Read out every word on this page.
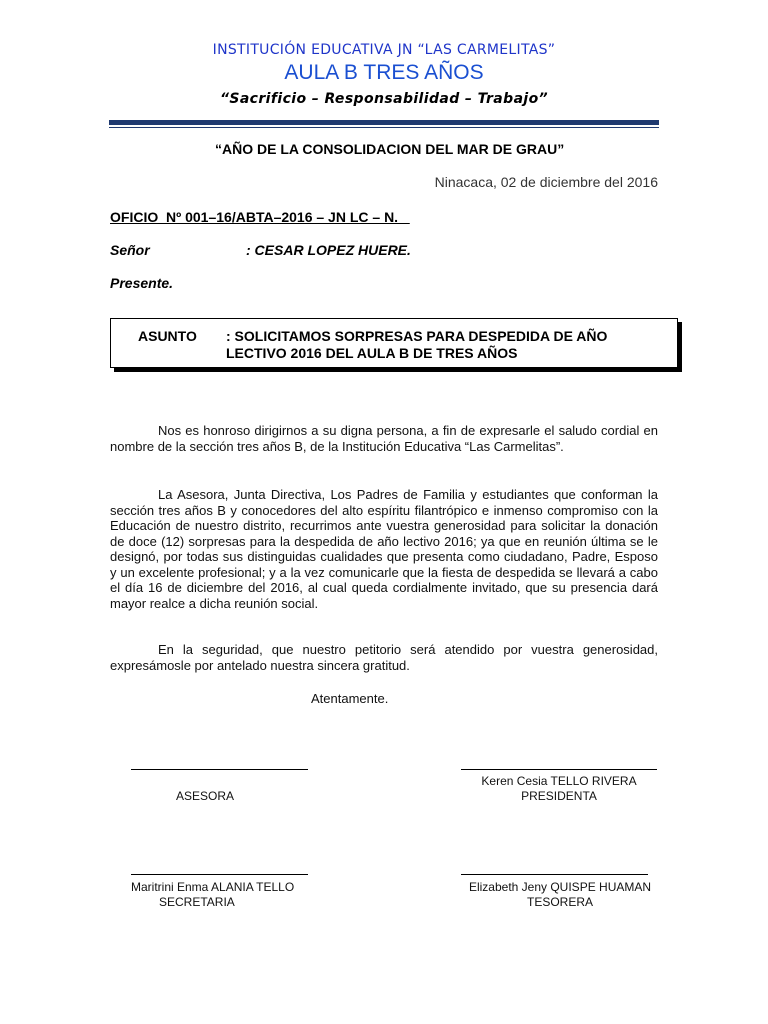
INSTITUCIÓN EDUCATIVA JN “LAS CARMELITAS”
AULA B TRES AÑOS
“Sacrificio – Responsabilidad – Trabajo”
“AÑO DE LA CONSOLIDACION DEL MAR DE GRAU”
Ninacaca, 02 de diciembre del 2016
OFICIO  Nº 001–16/ABTA–2016 – JN LC – N.
Señor	: CESAR LOPEZ HUERE.
Presente.
ASUNTO : SOLICITAMOS SORPRESAS PARA DESPEDIDA DE AÑO LECTIVO 2016 DEL AULA B DE TRES AÑOS
Nos es honroso dirigirnos a su digna persona, a fin de expresarle el saludo cordial en nombre de la sección tres años B, de la Institución Educativa “Las Carmelitas”.
La Asesora, Junta Directiva, Los Padres de Familia y estudiantes que conforman la sección tres años B y conocedores del alto espíritu filantrópico e inmenso compromiso con la Educación de nuestro distrito, recurrimos ante vuestra generosidad para solicitar la donación de doce (12) sorpresas para la despedida de año lectivo 2016; ya que en reunión última se le designó, por todas sus distinguidas cualidades que presenta como ciudadano, Padre, Esposo y un excelente profesional; y a la vez comunicarle que la fiesta de despedida se llevará a cabo el día 16 de diciembre del 2016, al cual queda cordialmente invitado, que su presencia dará mayor realce a dicha reunión social.
En la seguridad, que nuestro petitorio será atendido por vuestra generosidad, expresámosle por antelado nuestra sincera gratitud.
Atentamente.
ASESORA
Keren Cesia TELLO RIVERA
PRESIDENTA
Maritrini Enma ALANIA TELLO
SECRETARIA
Elizabeth Jeny QUISPE HUAMAN
TESORERA
